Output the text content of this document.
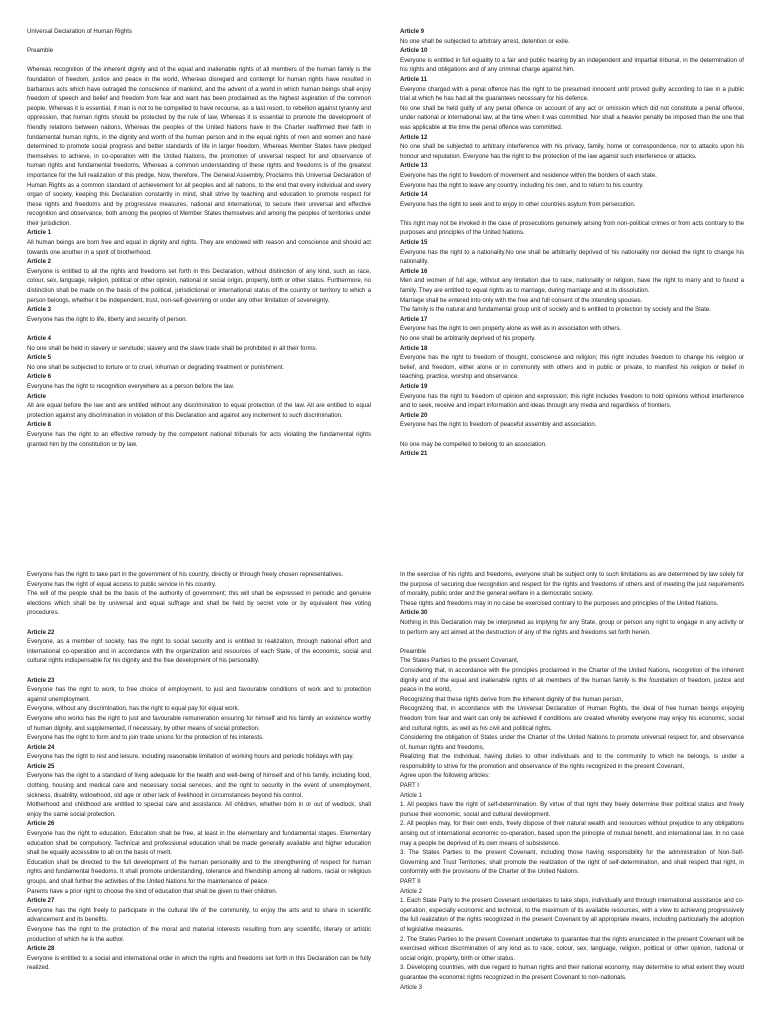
Universal Declaration of Human Rights

Preamble

Whereas recognition of the inherent dignity and of the equal and inalienable rights of all members of the human family is the foundation of freedom, justice and peace in the world, Whereas disregard and contempt for human rights have resulted in barbarous acts which have outraged the conscience of mankind, and the advent of a world in which human beings shall enjoy freedom of speech and belief and freedom from fear and want has been proclaimed as the highest aspiration of the common people, Whereas it is essential, if man is not to be compelled to have recourse, as a last resort, to rebellion against tyranny and oppression, that human rights should be protected by the rule of law, Whereas it is essential to promote the development of friendly relations between nations, Whereas the peoples of the United Nations have in the Charter reaffirmed their faith in fundamental human rights, in the dignity and worth of the human person and in the equal rights of men and women and have determined to promote social progress and better standards of life in larger freedom, Whereas Member States have pledged themselves to achieve, in co-operation with the United Nations, the promotion of universal respect for and observance of human rights and fundamental freedoms, Whereas a common understanding of these rights and freedoms is of the greatest importance for the full realization of this pledge, Now, therefore, The General Assembly, Proclaims this Universal Declaration of Human Rights as a common standard of achievement for all peoples and all nations, to the end that every individual and every organ of society, keeping this Declaration constantly in mind, shall strive by teaching and education to promote respect for these rights and freedoms and by progressive measures, national and international, to secure their universal and effective recognition and observance, both among the peoples of Member States themselves and among the peoples of territories under their jurisdiction.

Article 1

All human beings are born free and equal in dignity and rights. They are endowed with reason and conscience and should act towards one another in a spirit of brotherhood.

Article 2

Everyone is entitled to all the rights and freedoms set forth in this Declaration, without distinction of any kind, such as race, colour, sex, language, religion, political or other opinion, national or social origin, property, birth or other status. Furthermore, no distinction shall be made on the basis of the political, jurisdictional or international status of the country or territory to which a person belongs, whether it be independent, trust, non-self-governing or under any other limitation of sovereignty.

Article 3

Everyone has the right to life, liberty and security of person.

Article 4

No one shall be held in slavery or servitude; slavery and the slave trade shall be prohibited in all their forms.

Article 5

No one shall be subjected to torture or to cruel, inhuman or degrading treatment or punishment.

Article 6

Everyone has the right to recognition everywhere as a person before the law.

Article

All are equal before the law and are entitled without any discrimination to equal protection of the law. All are entitled to equal protection against any discrimination in violation of this Declaration and against any incitement to such discrimination.

Article 8

Everyone has the right to an effective remedy by the competent national tribunals for acts violating the fundamental rights granted him by the constitution or by law.

Article 9

No one shall be subjected to arbitrary arrest, detention or exile.

Article 10

Everyone is entitled in full equality to a fair and public hearing by an independent and impartial tribunal, in the determination of his rights and obligations and of any criminal charge against him.

Article 11

Everyone charged with a penal offence has the right to be presumed innocent until proved guilty according to law in a public trial at which he has had all the guarantees necessary for his defence.

No one shall be held guilty of any penal offence on account of any act or omission which did not constitute a penal offence, under national or international law, at the time when it was committed. Nor shall a heavier penalty be imposed than the one that was applicable at the time the penal offence was committed.

Article 12

No one shall be subjected to arbitrary interference with his privacy, family, home or correspondence, nor to attacks upon his honour and reputation. Everyone has the right to the protection of the law against such interference or attacks.

Article 13

Everyone has the right to freedom of movement and residence within the borders of each state.

Everyone has the right to leave any country, including his own, and to return to his country.

Article 14

Everyone has the right to seek and to enjoy in other countries asylum from persecution.

This right may not be invoked in the case of prosecutions genuinely arising from non-political crimes or from acts contrary to the purposes and principles of the United Nations.

Article 15

Everyone has the right to a nationality.No one shall be arbitrarily deprived of his nationality nor denied the right to change his nationality.

Article 16

Men and women of full age, without any limitation due to race, nationality or religion, have the right to marry and to found a family. They are entitled to equal rights as to marriage, during marriage and at its dissolution.

Marriage shall be entered into only with the free and full consent of the intending spouses.

The family is the natural and fundamental group unit of society and is entitled to protection by society and the State.

Article 17

Everyone has the right to own property alone as well as in association with others.

No one shall be arbitrarily deprived of his property.

Article 18

Everyone has the right to freedom of thought, conscience and religion; this right includes freedom to change his religion or belief, and freedom, either alone or in community with others and in public or private, to manifest his religion or belief in teaching, practice, worship and observance.

Article 19

Everyone has the right to freedom of opinion and expression; this right includes freedom to hold opinions without interference and to seek, receive and impart information and ideas through any media and regardless of frontiers.

Article 20

Everyone has the right to freedom of peaceful assembly and association.

No one may be compelled to belong to an association.

Article 21

Everyone has the right to take part in the government of his country, directly or through freely chosen representatives.

Everyone has the right of equal access to public service in his country.

The will of the people shall be the basis of the authority of government; this will shall be expressed in periodic and genuine elections which shall be by universal and equal suffrage and shall be held by secret vote or by equivalent free voting procedures.

Article 22

Everyone, as a member of society, has the right to social security and is entitled to realization, through national effort and international co-operation and in accordance with the organization and resources of each State, of the economic, social and cultural rights indispensable for his dignity and the free development of his personality.

Article 23

Everyone has the right to work, to free choice of employment, to just and favourable conditions of work and to protection against unemployment.

Everyone, without any discrimination, has the right to equal pay for equal work.

Everyone who works has the right to just and favourable remuneration ensuring for himself and his family an existence worthy of human dignity, and supplemented, if necessary, by other means of social protection.

Everyone has the right to form and to join trade unions for the protection of his interests.

Article 24

Everyone has the right to rest and leisure, including reasonable limitation of working hours and periodic holidays with pay.

Article 25

Everyone has the right to a standard of living adequate for the health and well-being of himself and of his family, including food, clothing, housing and medical care and necessary social services, and the right to security in the event of unemployment, sickness, disability, widowhood, old age or other lack of livelihood in circumstances beyond his control.

Motherhood and childhood are entitled to special care and assistance. All children, whether born in or out of wedlock, shall enjoy the same social protection.

Article 26

Everyone has the right to education. Education shall be free, at least in the elementary and fundamental stages. Elementary education shall be compulsory. Technical and professional education shall be made generally available and higher education shall be equally accessible to all on the basis of merit.

Education shall be directed to the full development of the human personality and to the strengthening of respect for human rights and fundamental freedoms. It shall promote understanding, tolerance and friendship among all nations, racial or religious groups, and shall further the activities of the United Nations for the maintenance of peace.

Parents have a prior right to choose the kind of education that shall be given to their children.

Article 27

Everyone has the right freely to participate in the cultural life of the community, to enjoy the arts and to share in scientific advancement and its benefits.

Everyone has the right to the protection of the moral and material interests resulting from any scientific, literary or artistic production of which he is the author.

Article 28

Everyone is entitled to a social and international order in which the rights and freedoms set forth in this Declaration can be fully realized.

In the exercise of his rights and freedoms, everyone shall be subject only to such limitations as are determined by law solely for the purpose of securing due recognition and respect for the rights and freedoms of others and of meeting the just requirements of morality, public order and the general welfare in a democratic society.

These rights and freedoms may in no case be exercised contrary to the purposes and principles of the United Nations.

Article 30

Nothing in this Declaration may be interpreted as implying for any State, group or person any right to engage in any activity or to perform any act aimed at the destruction of any of the rights and freedoms set forth herein.

Preamble

The States Parties to the present Covenant,

Considering that, in accordance with the principles proclaimed in the Charter of the United Nations, recognition of the inherent dignity and of the equal and inalienable rights of all members of the human family is the foundation of freedom, justice and peace in the world,

Recognizing that these rights derive from the inherent dignity of the human person,

Recognizing that, in accordance with the Universal Declaration of Human Rights, the ideal of free human beings enjoying freedom from fear and want can only be achieved if conditions are created whereby everyone may enjoy his economic, social and cultural rights, as well as his civil and political rights,

Considering the obligation of States under the Charter of the United Nations to promote universal respect for, and observance of, human rights and freedoms,

Realizing that the individual, having duties to other individuals and to the community to which he belongs, is under a responsibility to strive for the promotion and observance of the rights recognized in the present Covenant,

Agree upon the following articles:

PART I

Article 1

1. All peoples have the right of self-determination. By virtue of that right they freely determine their political status and freely pursue their economic, social and cultural development.

2. All peoples may, for their own ends, freely dispose of their natural wealth and resources without prejudice to any obligations arising out of international economic co-operation, based upon the principle of mutual benefit, and international law. In no case may a people be deprived of its own means of subsistence.

3. The States Parties to the present Covenant, including those having responsibility for the administration of Non-Self-Governing and Trust Territories, shall promote the realization of the right of self-determination, and shall respect that right, in conformity with the provisions of the Charter of the United Nations.

PART II

Article 2

1. Each State Party to the present Covenant undertakes to take steps, individually and through international assistance and co-operation, especially economic and technical, to the maximum of its available resources, with a view to achieving progressively the full realization of the rights recognized in the present Covenant by all appropriate means, including particularly the adoption of legislative measures.

2. The States Parties to the present Covenant undertake to guarantee that the rights enunciated in the present Covenant will be exercised without discrimination of any kind as to race, colour, sex, language, religion, political or other opinion, national or social origin, property, birth or other status.

3. Developing countries, with due regard to human rights and their national economy, may determine to what extent they would guarantee the economic rights recognized in the present Covenant to non-nationals.

Article 3
